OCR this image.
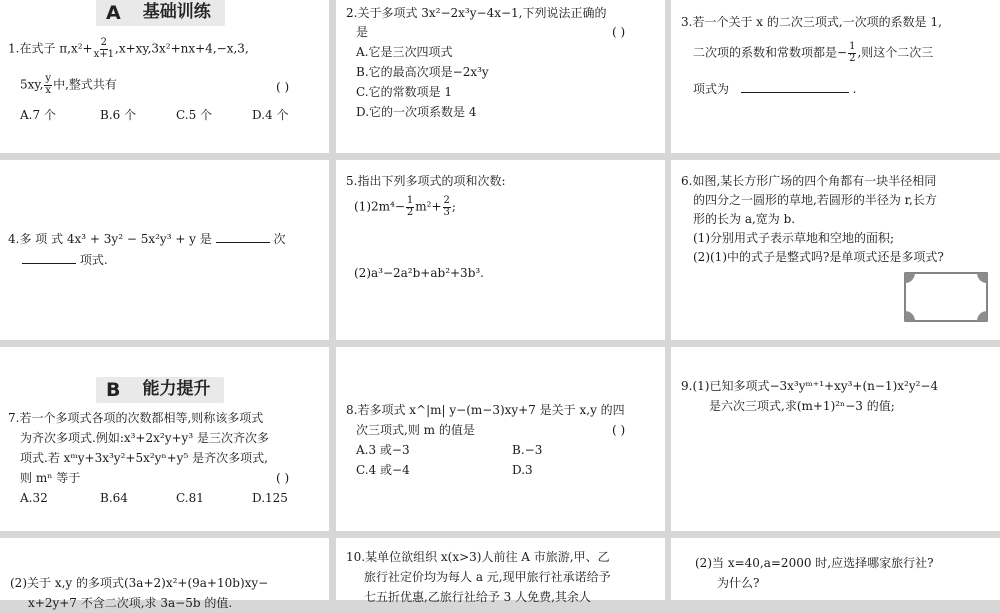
A 基础训练
1.在式子 $\pi,x^2+ \frac{2}{x+1} ,x+xy,3x^2+nx+4,-x,3$,
5xy, $\frac{y}{x}$ 中,整式共有	( )
A.7 个	B.6 个	C.5 个	D.4 个
2.关于多项式 3x²−2x³y−4x−1,下列说法正确的
是	( )
A.它是三次四项式
B.它的最高次项是−2x³y
C.它的常数项是 1
D.它的一次项系数是 4
3.若一个关于 x 的二次三项式,一次项的系数是 1,
二次项的系数和常数项都是− $\frac{1}{2}$ ,则这个二次三
项式为	.
4.多 项 式 4x³ + 3y² − 5x²y³ + y 是	次
项式.
5.指出下列多项式的项和次数:
$(1)2m^4- \frac{1}{2} m^2+ \frac{2}{3}$ ;
(2)a³−2a²b+ab²+3b³.
6.如图,某长方形广场的四个角都有一块半径相同
的四分之一圆形的草地,若圆形的半径为 r,长方
形的长为 a,宽为 b.
(1)分别用式子表示草地和空地的面积;
(2)(1)中的式子是整式吗?是单项式还是多项式?
B 能力提升
7.若一个多项式各项的次数都相等,则称该多项式
为齐次多项式.例如:x³+2x²y+y³ 是三次齐次多
项式.若 xᵐy+3x³y²+5x²yⁿ+y⁵ 是齐次多项式,
则 mⁿ 等于	( )
A.32	B.64	C.81	D.125
8.若多项式 x^|m| y−(m−3)xy+7 是关于 x,y 的四
次三项式,则 m 的值是	( )
A.3 或−3	B.−3
C.4 或−4	D.3
9.(1)已知多项式−3x³yᵐ⁺¹+xy³+(n−1)x²y²−4
是六次三项式,求(m+1)²ⁿ−3 的值;
(2)关于 x,y 的多项式(3a+2)x²+(9a+10b)xy−
x+2y+7 不含二次项,求 3a−5b 的值.
10.某单位欲组织 x(x>3)人前往 A 市旅游,甲、乙
旅行社定价均为每人 a 元,现甲旅行社承诺给予
七五折优惠,乙旅行社给予 3 人免费,其余人
(2)当 x=40,a=2000 时,应选择哪家旅行社?
为什么?
